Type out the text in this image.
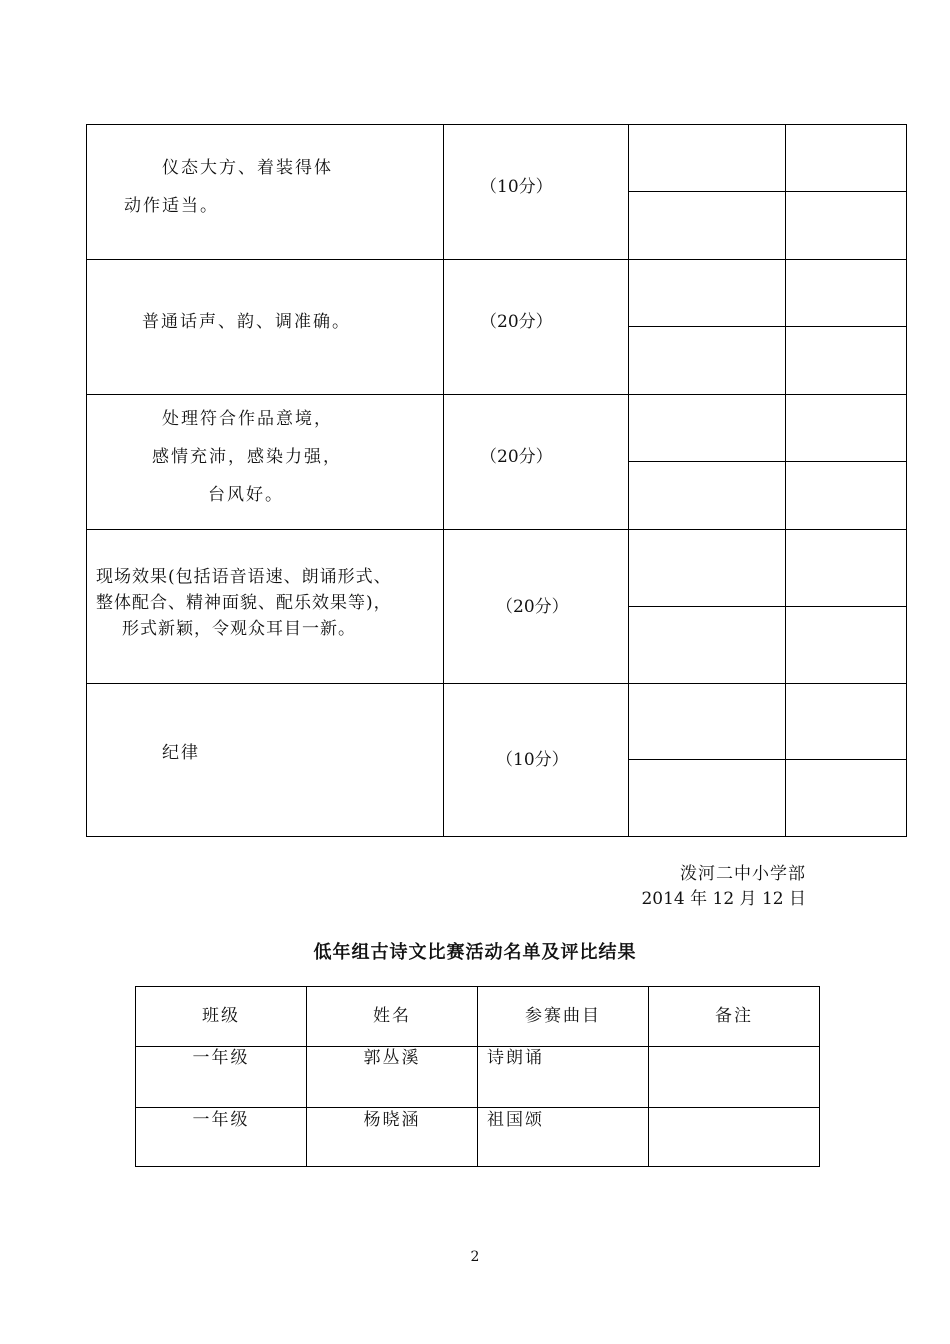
仪态大方、着装得体
动作适当。
（10分）
普通话声、韵、调准确。	（20分）
处理符合作品意境，
感情充沛，感染力强，
台风好。
（20分）
现场效果(包括语音语速、朗诵形式、
整体配合、精神面貌、配乐效果等)，
形式新颖，令观众耳目一新。
（20分）
纪律	（10分）
泼河二中小学部
2014 年 12 月 12 日
低年组古诗文比赛活动名单及评比结果
班级	姓名	参赛曲目	备注
一年级	郭丛溪	诗朗诵
一年级	杨晓涵	祖国颂
2
